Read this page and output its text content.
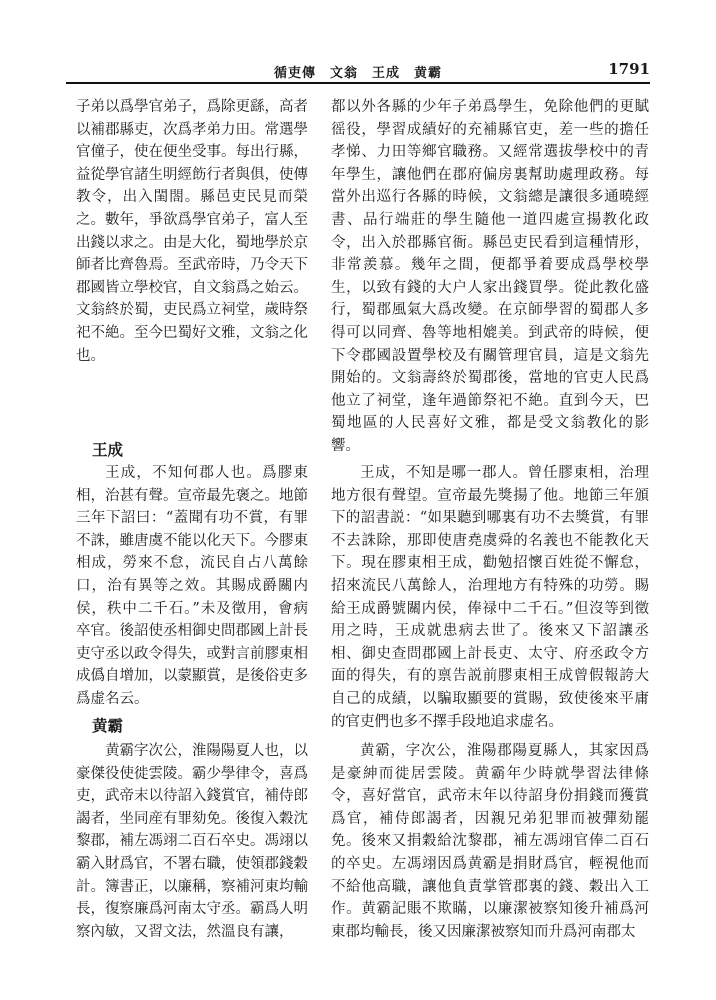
循吏傳　文翁　王成　黄霸	1791

子弟以爲學官弟子，爲除更繇，高者以補郡縣吏，次爲孝弟力田。常選學官僮子，使在便坐受事。每出行縣，益從學官諸生明經飭行者與俱，使傳教令，出入閨閤。縣邑吏民見而榮之。數年，爭欲爲學官弟子，富人至出錢以求之。由是大化，蜀地學於京師者比齊魯焉。至武帝時，乃令天下郡國皆立學校官，自文翁爲之始云。文翁終於蜀，吏民爲立祠堂，歲時祭祀不絶。至今巴蜀好文雅，文翁之化也。

王成

王成，不知何郡人也。爲膠東相，治甚有聲。宣帝最先褒之。地節三年下詔曰：“蓋聞有功不賞，有罪不誅，雖唐虞不能以化天下。今膠東相成，勞來不怠，流民自占八萬餘口，治有異等之效。其賜成爵關内侯，秩中二千石。”未及徵用，會病卒官。後詔使丞相御史問郡國上計長吏守丞以政令得失，或對言前膠東相成僞自增加，以蒙顯賞，是後俗吏多爲虚名云。

黄霸

黄霸字次公，淮陽陽夏人也，以豪傑役使徙雲陵。霸少學律令，喜爲吏，武帝末以待詔入錢賞官，補侍郎謁者，坐同産有罪劾免。後復入穀沈黎郡，補左馮翊二百石卒史。馮翊以霸入財爲官，不署右職，使領郡錢穀計。簿書正，以廉稱，察補河東均輸長，復察廉爲河南太守丞。霸爲人明察內敏，又習文法，然溫良有讓，

都以外各縣的少年子弟爲學生，免除他們的更賦徭役，學習成績好的充補縣官吏，差一些的擔任孝悌、力田等鄉官職務。又經常選拔學校中的青年學生，讓他們在郡府偏房裏幫助處理政務。每當外出巡行各縣的時候，文翁總是讓很多通曉經書、品行端莊的學生隨他一道四處宣揚教化政令，出入於郡縣官衙。縣邑吏民看到這種情形，非常羨慕。幾年之間，便都爭着要成爲學校學生，以致有錢的大户人家出錢買學。從此教化盛行，蜀郡風氣大爲改變。在京師學習的蜀郡人多得可以同齊、魯等地相媲美。到武帝的時候，便下令郡國設置學校及有關管理官員，這是文翁先開始的。文翁壽終於蜀郡後，當地的官吏人民爲他立了祠堂，逢年過節祭祀不絶。直到今天，巴蜀地區的人民喜好文雅，都是受文翁教化的影響。

王成，不知是哪一郡人。曾任膠東相，治理地方很有聲望。宣帝最先獎揚了他。地節三年頒下的詔書説：“如果聽到哪裏有功不去獎賞，有罪不去誅除，那即使唐堯虞舜的名義也不能教化天下。現在膠東相王成，勸勉招懷百姓從不懈怠，招來流民八萬餘人，治理地方有特殊的功勞。賜給王成爵號關内侯，俸禄中二千石。”但沒等到徵用之時，王成就患病去世了。後來又下詔讓丞相、御史查問郡國上計長吏、太守、府丞政令方面的得失，有的禀告説前膠東相王成曾假報誇大自己的成績，以騙取顯要的賞賜，致使後來平庸的官吏們也多不擇手段地追求虚名。

黄霸，字次公，淮陽郡陽夏縣人，其家因爲是豪紳而徙居雲陵。黄霸年少時就學習法律條令，喜好當官，武帝末年以待詔身份捐錢而獲賞爲官，補侍郎謁者，因親兄弟犯罪而被彈劾罷免。後來又捐穀給沈黎郡，補左馮翊官俸二百石的卒史。左馮翊因爲黄霸是捐財爲官，輕視他而不給他高職，讓他負責掌管郡裏的錢、穀出入工作。黄霸記賬不欺瞞，以廉潔被察知後升補爲河東郡均輸長，後又因廉潔被察知而升爲河南郡太
